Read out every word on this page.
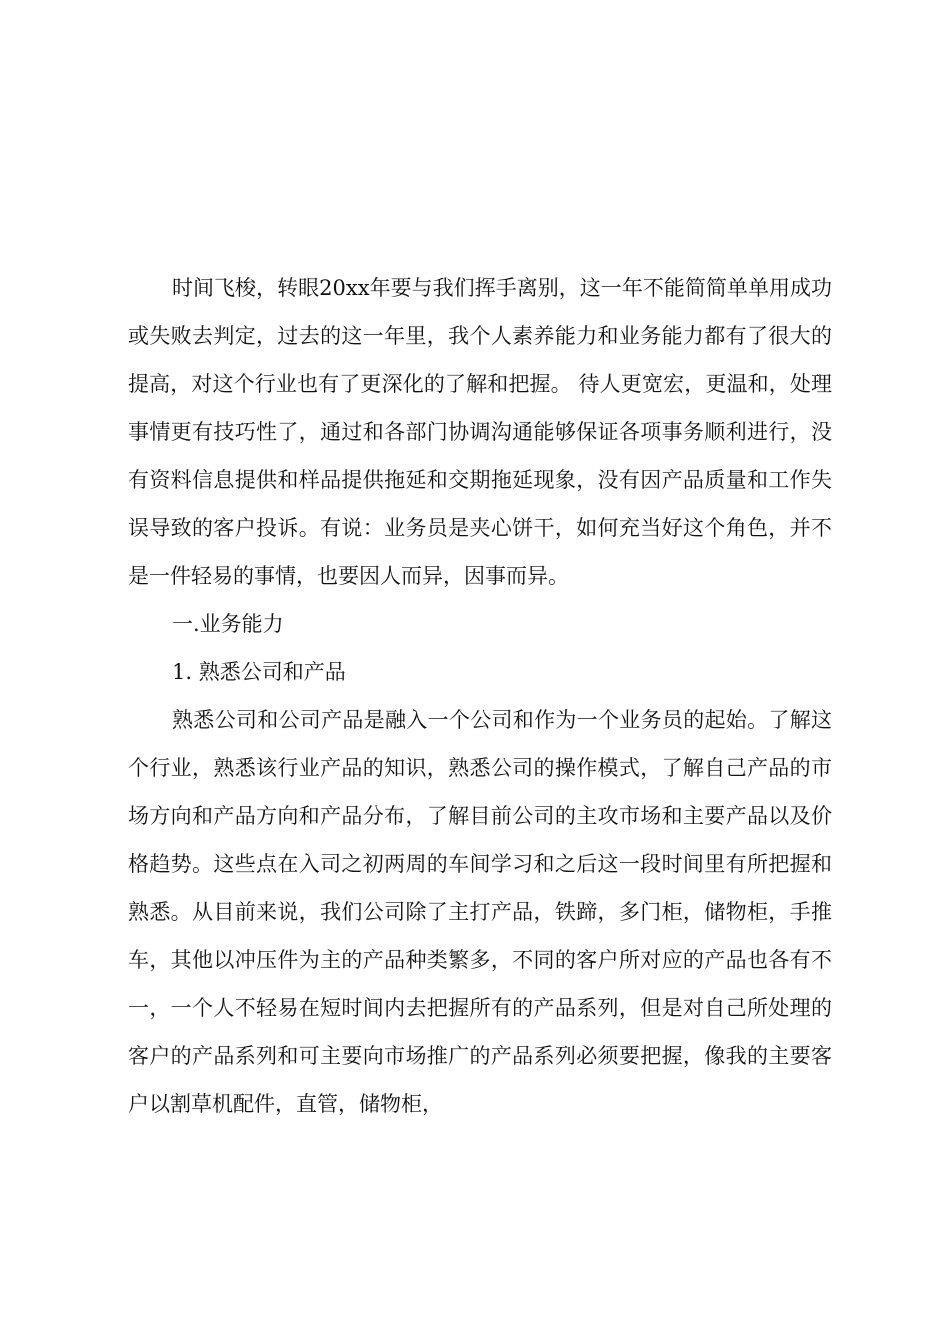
时间飞梭，转眼20xx年要与我们挥手离别，这一年不能简简单单用成功或失败去判定，过去的这一年里，我个人素养能力和业务能力都有了很大的提高，对这个行业也有了更深化的了解和把握。 待人更宽宏，更温和，处理事情更有技巧性了，通过和各部门协调沟通能够保证各项事务顺利进行，没有资料信息提供和样品提供拖延和交期拖延现象，没有因产品质量和工作失误导致的客户投诉。有说：业务员是夹心饼干，如何充当好这个角色，并不是一件轻易的事情，也要因人而异，因事而异。

一.业务能力

1. 熟悉公司和产品

熟悉公司和公司产品是融入一个公司和作为一个业务员的起始。了解这个行业，熟悉该行业产品的知识，熟悉公司的操作模式，了解自己产品的市场方向和产品方向和产品分布，了解目前公司的主攻市场和主要产品以及价格趋势。这些点在入司之初两周的车间学习和之后这一段时间里有所把握和熟悉。从目前来说，我们公司除了主打产品，铁蹄，多门柜，储物柜，手推车，其他以冲压件为主的产品种类繁多，不同的客户所对应的产品也各有不一，一个人不轻易在短时间内去把握所有的产品系列，但是对自己所处理的客户的产品系列和可主要向市场推广的产品系列必须要把握，像我的主要客户以割草机配件，直管，储物柜，
